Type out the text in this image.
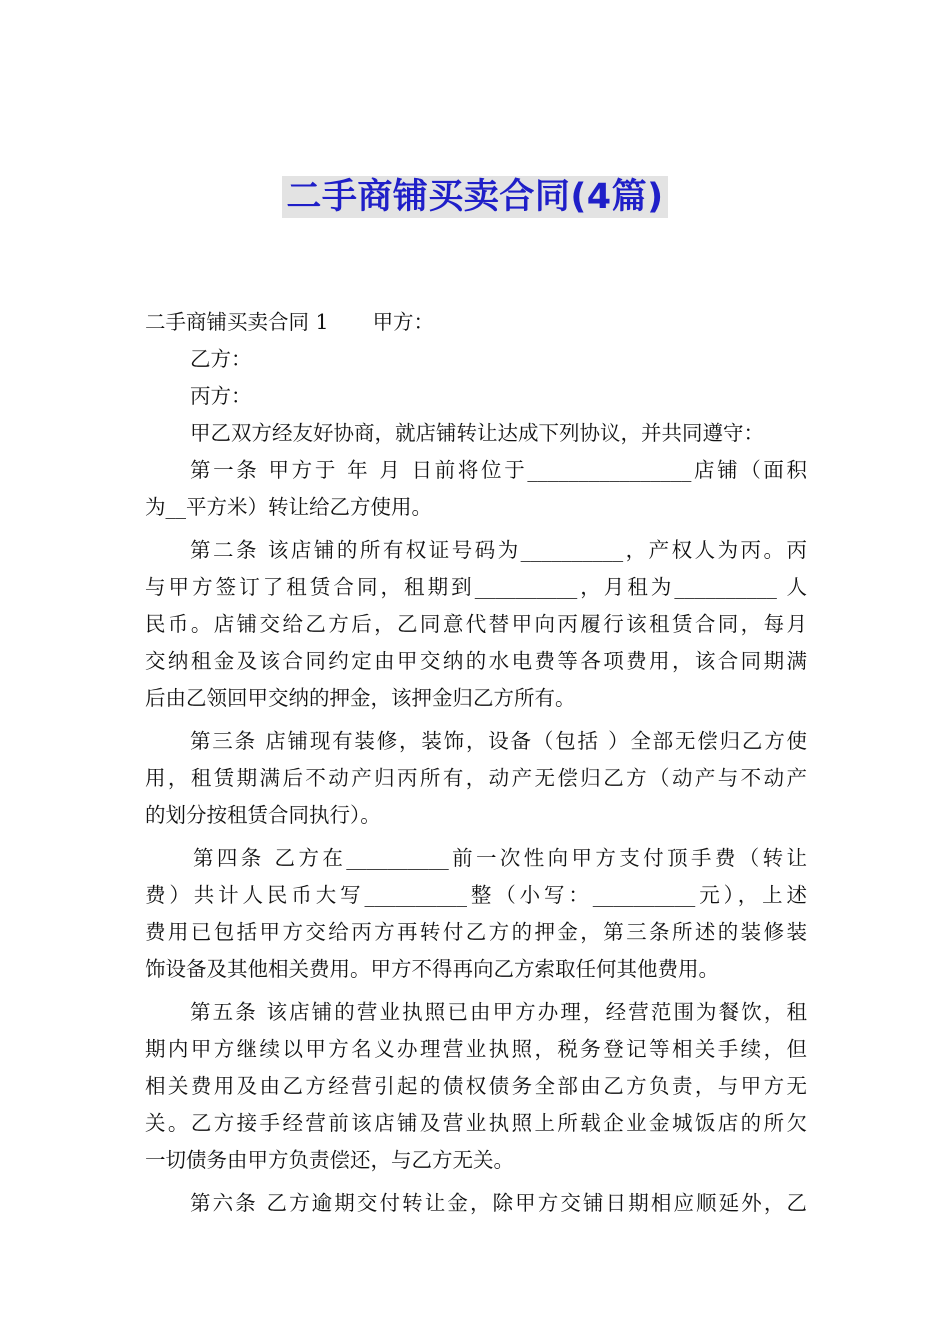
二手商铺买卖合同(4篇)
二手商铺买卖合同 1 甲方：
乙方：
丙方：
甲乙双方经友好协商，就店铺转让达成下列协议，并共同遵守：
第一条 甲方于 年 月 日前将位于________________店铺（面积
为__平方米）转让给乙方使用。
第二条 该店铺的所有权证号码为__________，产权人为丙。丙
与甲方签订了租赁合同，租期到__________，月租为__________ 人
民币。店铺交给乙方后，乙同意代替甲向丙履行该租赁合同，每月
交纳租金及该合同约定由甲交纳的水电费等各项费用，该合同期满
后由乙领回甲交纳的押金，该押金归乙方所有。
第三条 店铺现有装修，装饰，设备（包括 ）全部无偿归乙方使
用，租赁期满后不动产归丙所有，动产无偿归乙方（动产与不动产
的划分按租赁合同执行）。
第四条 乙方在__________前一次性向甲方支付顶手费（转让
费）共计人民币大写__________整（小写：__________元），上述
费用已包括甲方交给丙方再转付乙方的押金，第三条所述的装修装
饰设备及其他相关费用。甲方不得再向乙方索取任何其他费用。
第五条 该店铺的营业执照已由甲方办理，经营范围为餐饮，租
期内甲方继续以甲方名义办理营业执照，税务登记等相关手续，但
相关费用及由乙方经营引起的债权债务全部由乙方负责，与甲方无
关。乙方接手经营前该店铺及营业执照上所载企业金城饭店的所欠
一切债务由甲方负责偿还，与乙方无关。
第六条 乙方逾期交付转让金，除甲方交铺日期相应顺延外，乙
